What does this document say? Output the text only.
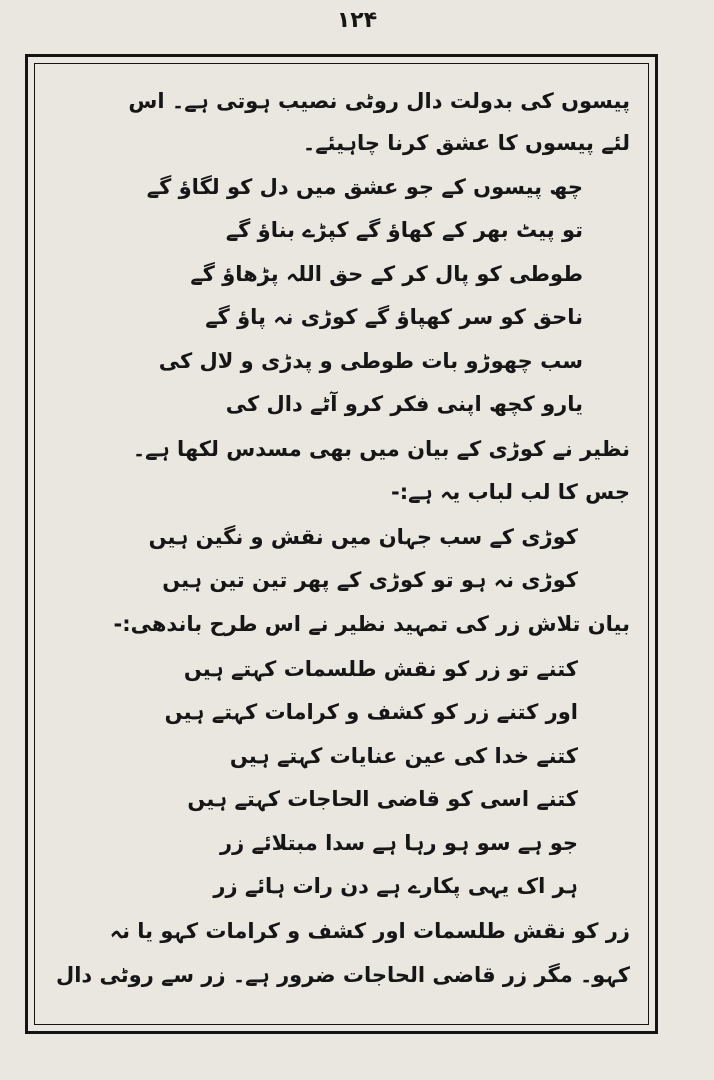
۱۲۴
پیسوں کی بدولت دال روٹی نصیب ہوتی ہے۔ اس
لئے پیسوں کا عشق کرنا چاہیئے۔
چھ پیسوں کے جو عشق میں دل کو لگاؤ گے
تو پیٹ بھر کے کھاؤ گے کپڑے بناؤ گے
طوطی کو پال کر کے حق اللہ پڑھاؤ گے
ناحق کو سر کھپاؤ گے کوڑی نہ پاؤ گے
سب چھوڑو بات طوطی و پدڑی و لال کی
یارو کچھ اپنی فکر کرو آٹے دال کی
نظیر نے کوڑی کے بیان میں بھی مسدس لکھا ہے۔
جس کا لب لباب یہ ہے:-
کوڑی کے سب جہان میں نقش و نگین ہیں
کوڑی نہ ہو تو کوڑی کے پھر تین تین ہیں
بیان تلاش زر کی تمہید نظیر نے اس طرح باندھی:-
کتنے تو زر کو نقش طلسمات کہتے ہیں
اور کتنے زر کو کشف و کرامات کہتے ہیں
کتنے خدا کی عین عنایات کہتے ہیں
کتنے اسی کو قاضی الحاجات کہتے ہیں
جو ہے سو ہو رہا ہے سدا مبتلائے زر
ہر اک یہی پکارے ہے دن رات ہائے زر
زر کو نقش طلسمات اور کشف و کرامات کہو یا نہ
کہو۔ مگر زر قاضی الحاجات ضرور ہے۔ زر سے روٹی دال
